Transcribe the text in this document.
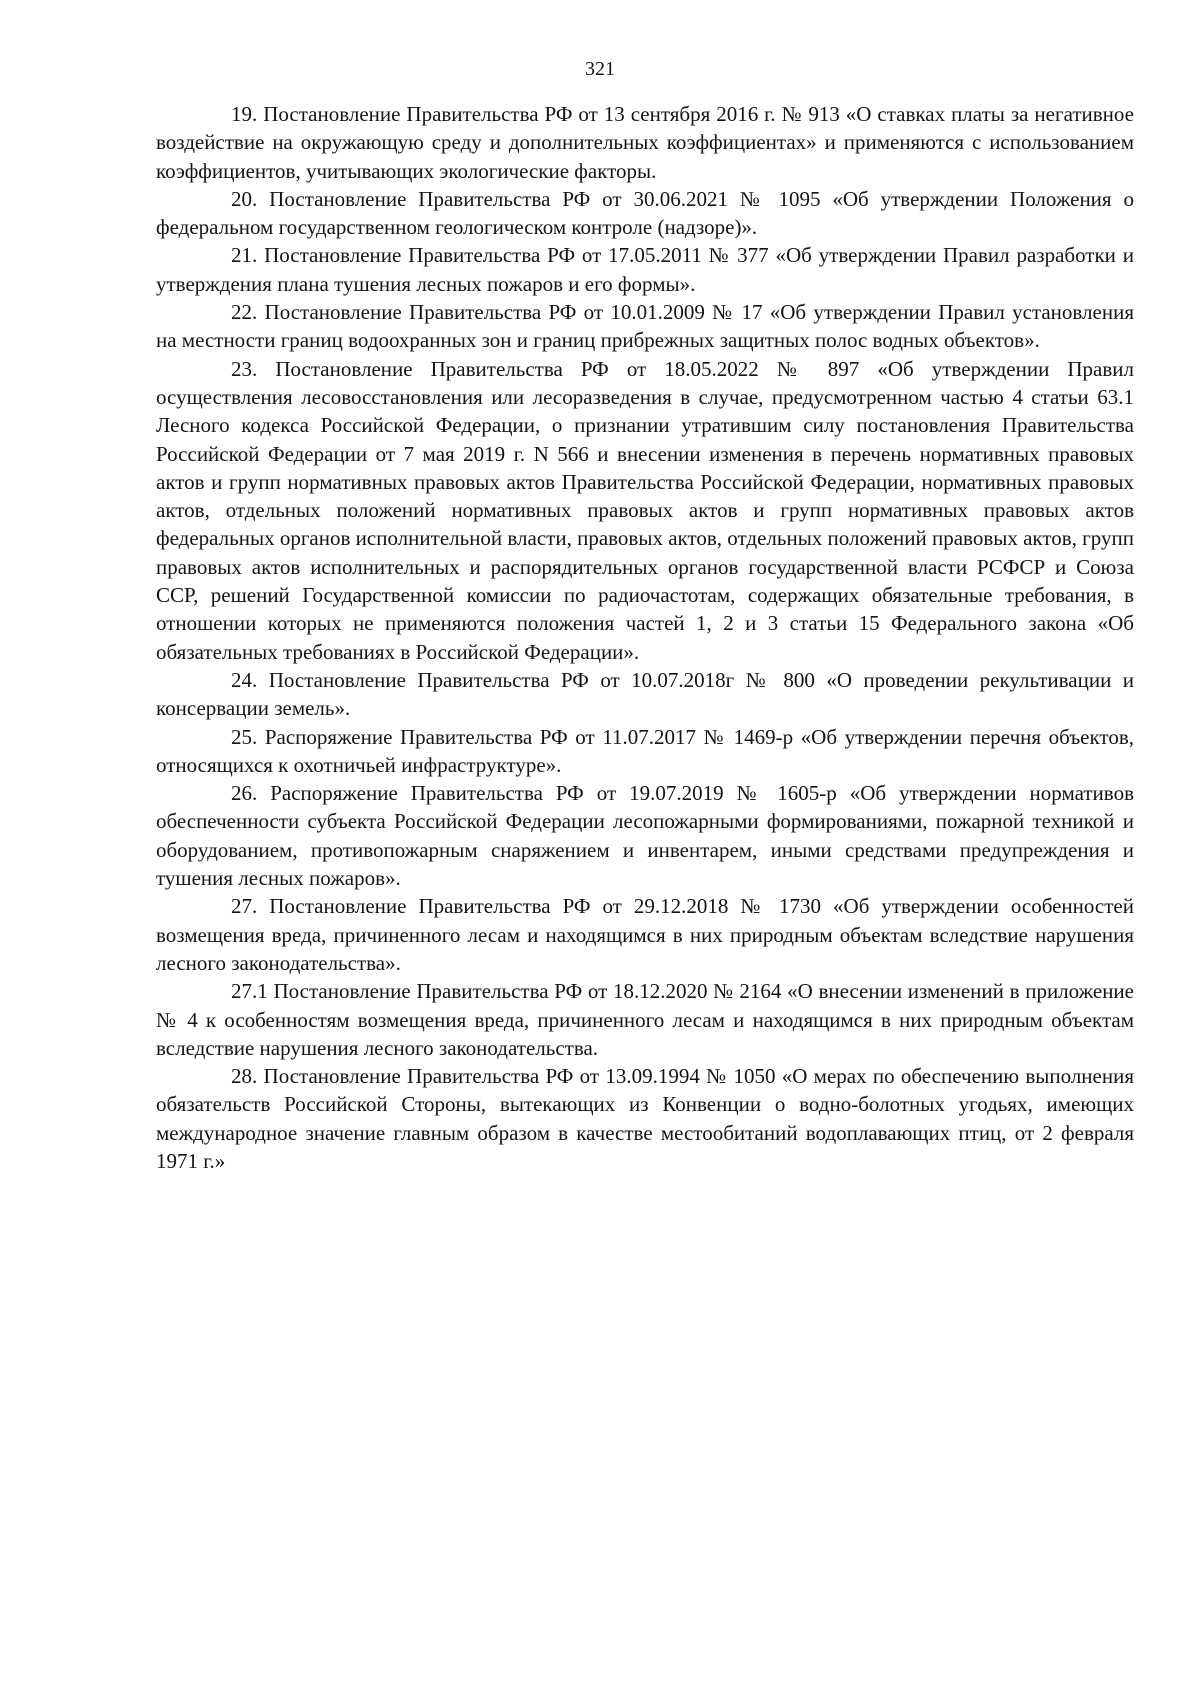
321

19. Постановление Правительства РФ от 13 сентября 2016 г. № 913 «О ставках платы за негативное воздействие на окружающую среду и дополнительных коэффициентах» и применяются с использованием коэффициентов, учитывающих экологические факторы.

20. Постановление Правительства РФ от 30.06.2021 № 1095 «Об утверждении Положения о федеральном государственном геологическом контроле (надзоре)».

21. Постановление Правительства РФ от 17.05.2011 № 377 «Об утверждении Правил разработки и утверждения плана тушения лесных пожаров и его формы».

22. Постановление Правительства РФ от 10.01.2009 № 17 «Об утверждении Правил установления на местности границ водоохранных зон и границ прибрежных защитных полос водных объектов».

23. Постановление Правительства РФ от 18.05.2022 № 897 «Об утверждении Правил осуществления лесовосстановления или лесоразведения в случае, предусмотренном частью 4 статьи 63.1 Лесного кодекса Российской Федерации, о признании утратившим силу постановления Правительства Российской Федерации от 7 мая 2019 г. N 566 и внесении изменения в перечень нормативных правовых актов и групп нормативных правовых актов Правительства Российской Федерации, нормативных правовых актов, отдельных положений нормативных правовых актов и групп нормативных правовых актов федеральных органов исполнительной власти, правовых актов, отдельных положений правовых актов, групп правовых актов исполнительных и распорядительных органов государственной власти РСФСР и Союза ССР, решений Государственной комиссии по радиочастотам, содержащих обязательные требования, в отношении которых не применяются положения частей 1, 2 и 3 статьи 15 Федерального закона «Об обязательных требованиях в Российской Федерации».

24. Постановление Правительства РФ от 10.07.2018г № 800 «О проведении рекультивации и консервации земель».

25. Распоряжение Правительства РФ от 11.07.2017 № 1469-р «Об утверждении перечня объектов, относящихся к охотничьей инфраструктуре».

26. Распоряжение Правительства РФ от 19.07.2019 № 1605-р «Об утверждении нормативов обеспеченности субъекта Российской Федерации лесопожарными формированиями, пожарной техникой и оборудованием, противопожарным снаряжением и инвентарем, иными средствами предупреждения и тушения лесных пожаров».

27. Постановление Правительства РФ от 29.12.2018 № 1730 «Об утверждении особенностей возмещения вреда, причиненного лесам и находящимся в них природным объектам вследствие нарушения лесного законодательства».

27.1 Постановление Правительства РФ от 18.12.2020 № 2164 «О внесении изменений в приложение № 4 к особенностям возмещения вреда, причиненного лесам и находящимся в них природным объектам вследствие нарушения лесного законодательства.

28. Постановление Правительства РФ от 13.09.1994 № 1050 «О мерах по обеспечению выполнения обязательств Российской Стороны, вытекающих из Конвенции о водно-болотных угодьях, имеющих международное значение главным образом в качестве местообитаний водоплавающих птиц, от 2 февраля 1971 г.»
